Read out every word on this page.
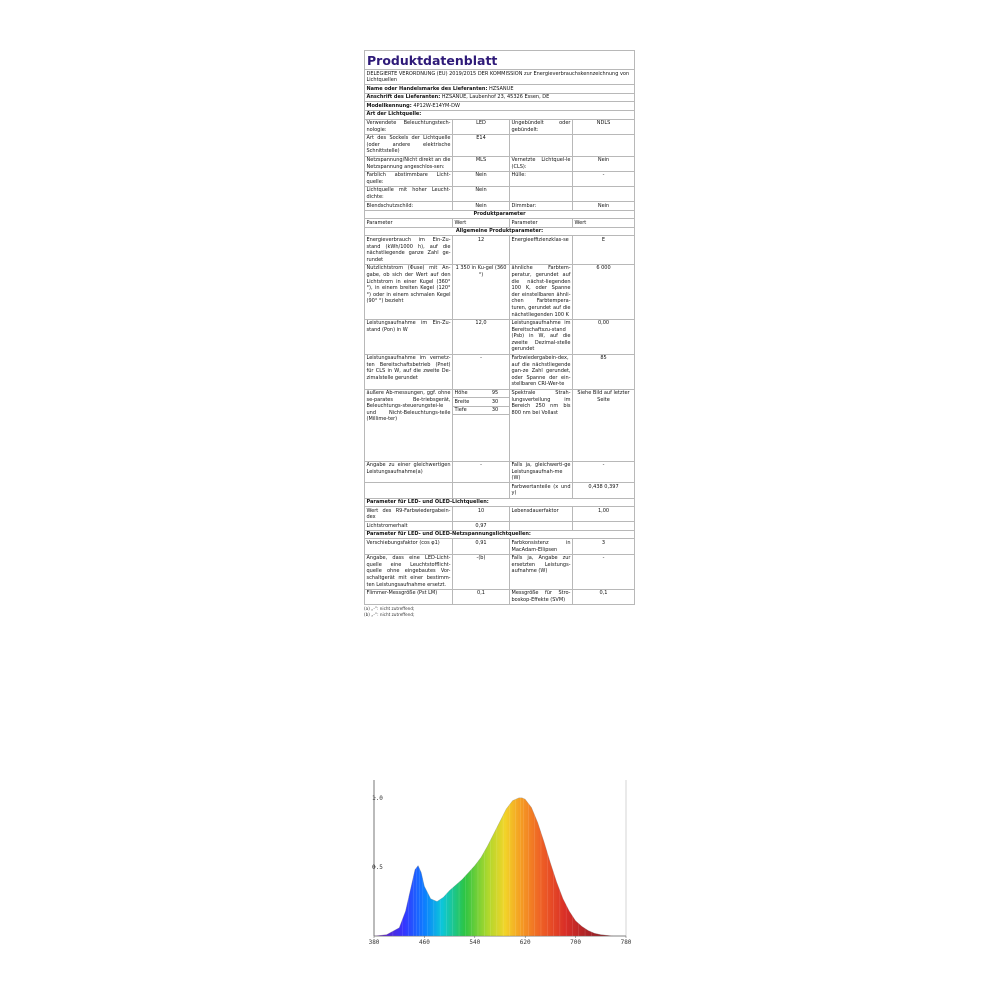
Produktdatenblatt
DELEGIERTE VERORDNUNG (EU) 2019/2015 DER KOMMISSION zur Energieverbrauchskennzeichnung von Lichtquellen
Name oder Handelsmarke des Lieferanten: HZSANUE
Anschrift des Lieferanten: HZSANUE, Laubenhof 23, 45326 Essen, DE
Modellkennung: 4P12W-E14YM-DW
Art der Lichtquelle:
Verwendete Beleuchtungstech-nologie:	LED	Ungebündelt oder gebündelt:	NDLS
Art des Sockels der Lichtquelle (oder andere elektrische Schnittstelle)	E14		
Netzspannung/Nicht direkt an die Netzspannung angeschlos-sen:	MLS	Vernetzte Lichtquel-le (CLS):	Nein
Farblich abstimmbare Licht-quelle:	Nein	Hülle:	-
Lichtquelle mit hoher Leucht-dichte:	Nein		
Blendschutzschild:	Nein	Dimmbar:	Nein
Produktparameter
Parameter	Wert	Parameter	Wert
Allgemeine Produktparameter:
Energieverbrauch im Ein-Zu-stand (kWh/1000 h), auf die nächstliegende ganze Zahl ge-rundet	12	Energieeffizienzklas-se	E
Nutzlichtstrom (Φuse) mit An-gabe, ob sich der Wert auf den Lichtstrom in einer Kugel (360° °), in einem breiten Kegel (120° °) oder in einem schmalen Kegel (90° °) bezieht	1 350 in Ku-gel (360 °)	ähnliche Farbtem-peratur, gerundet auf die nächst-liegenden 100 K, oder Spanne der einstellbaren ähnli-chen Farbtempera-turen, gerundet auf die nächstliegenden 100 K	6 000
Leistungsaufnahme im Ein-Zu-stand (Pon) in W	12,0	Leistungsaufnahme im Bereitschaftszu-stand (Psb) in W, auf die zweite Dezimal-stelle gerundet	0,00
Leistungsaufnahme im vernetz-ten Bereitschaftsbetrieb (Pnet) für CLS in W, auf die zweite De-zimalstelle gerundet	-	Farbwiedergabein-dex, auf die nächstliegende gan-ze Zahl gerundet, oder Spanne der ein-stellbaren CRI-Wer-te	85
äußere Ab-messungen, ggf. ohne se-parates Be-triebsgerät, Beleuchtungs-steuerungstei-le und Nicht-Beleuchtungs-teile (Millime-ter)	
Höhe	95
Breite	30
Tiefe	30
	Spektrale Strah-lungsverteilung im Bereich 250 nm bis 800 nm bei Vollast	Siehe Bild auf letzter Seite

Angabe zu einer gleichwertigen Leistungsaufnahme(a)	-	Falls ja, gleichwerti-ge Leistungsaufnah-me (W)	-
		Farbwertanteile (x und y)	0,438 0,397
Parameter für LED- und OLED-Lichtquellen:
Wert des R9-Farbwiedergabein-dex	10	Lebensdauerfaktor	1,00
Lichtstromerhalt	0,97		
Parameter für LED- und OLED-Netzspannungslichtquellen:
Verschiebungsfaktor (cos φ1)	0,91	Farbkonsistenz in MacAdam-Ellipsen	3
Angabe, dass eine LED-Licht-quelle eine Leuchtstofflicht-quelle ohne eingebautes Vor-schaltgerät mit einer bestimm-ten Leistungsaufnahme ersetzt.	-(b)	Falls ja, Angabe zur ersetzten Leistungs-aufnahme (W)	-
Flimmer-Messgröße (Pst LM)	0,1	Messgröße für Stro-boskop-Effekte (SVM)	0,1
(a) „-“: nicht zutreffend;
(b) „-“: nicht zutreffend;
380	460	540	620	700	780
0.5
1.0
